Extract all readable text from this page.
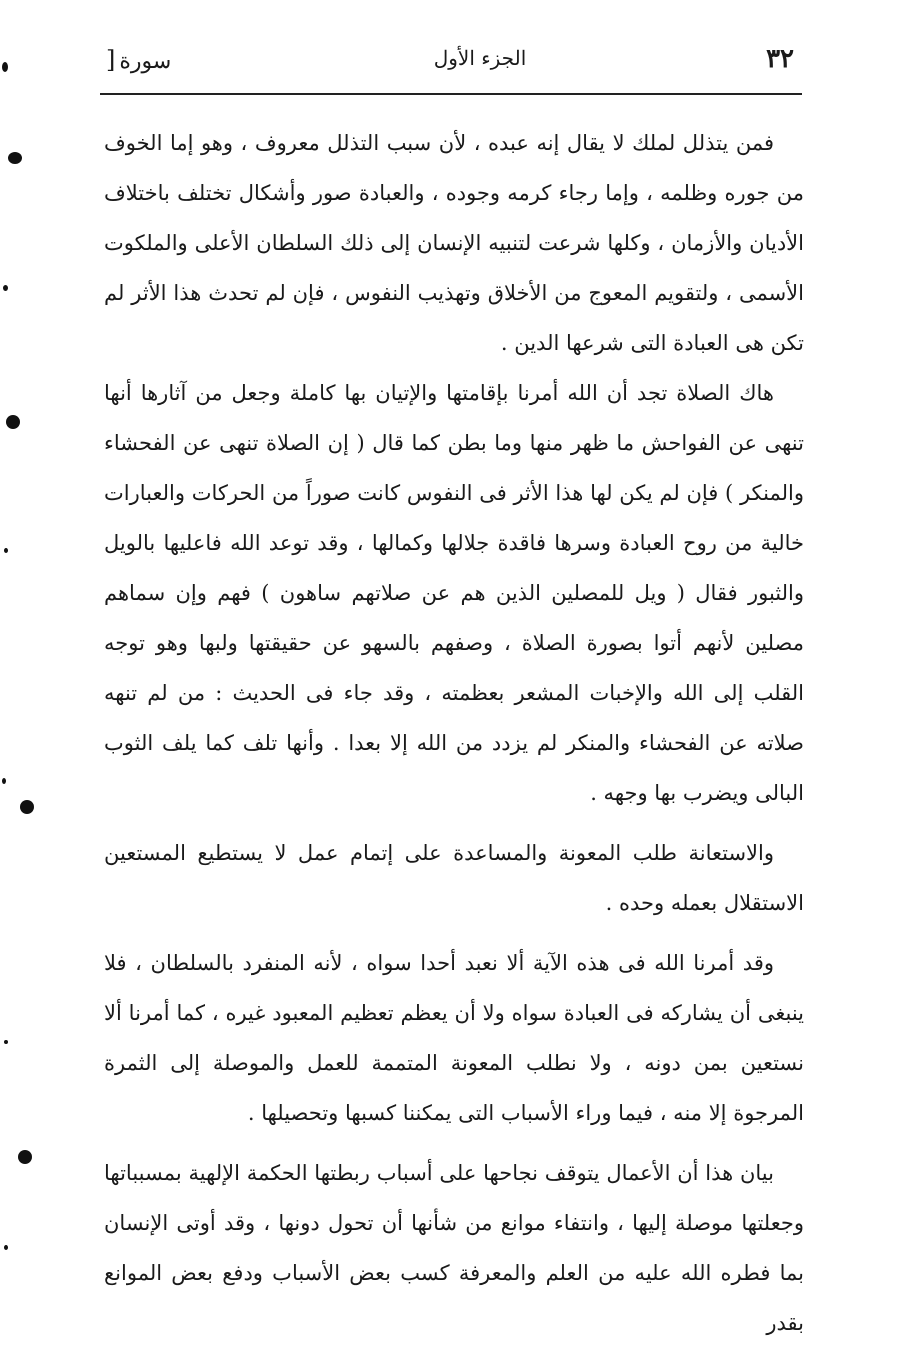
٣٢
الجزء الأول
سورة[

فمن يتذلل لملك لا يقال إنه عبده ، لأن سبب التذلل معروف ، وهو إما الخوف من جوره وظلمه ، وإما رجاء كرمه وجوده ، والعبادة صور وأشكال تختلف باختلاف الأديان والأزمان ، وكلها شرعت لتنبيه الإنسان إلى ذلك السلطان الأعلى والملكوت الأسمى ، ولتقويم المعوج من الأخلاق وتهذيب النفوس ، فإن لم تحدث هذا الأثر لم تكن هى العبادة التى شرعها الدين .

هاك الصلاة تجد أن الله أمرنا بإقامتها والإتيان بها كاملة وجعل من آثارها أنها تنهى عن الفواحش ما ظهر منها وما بطن كما قال ( إن الصلاة تنهى عن الفحشاء والمنكر ) فإن لم يكن لها هذا الأثر فى النفوس كانت صوراً من الحركات والعبارات خالية من روح العبادة وسرها فاقدة جلالها وكمالها ، وقد توعد الله فاعليها بالويل والثبور فقال ( ويل للمصلين الذين هم عن صلاتهم ساهون ) فهم وإن سماهم مصلين لأنهم أتوا بصورة الصلاة ، وصفهم بالسهو عن حقيقتها ولبها وهو توجه القلب إلى الله والإخبات المشعر بعظمته ، وقد جاء فى الحديث : من لم تنهه صلاته عن الفحشاء والمنكر لم يزدد من الله إلا بعدا . وأنها تلف كما يلف الثوب البالى ويضرب بها وجهه .

والاستعانة طلب المعونة والمساعدة على إتمام عمل لا يستطيع المستعين الاستقلال بعمله وحده .

وقد أمرنا الله فى هذه الآية ألا نعبد أحدا سواه ، لأنه المنفرد بالسلطان ، فلا ينبغى أن يشاركه فى العبادة سواه ولا أن يعظم تعظيم المعبود غيره ، كما أمرنا ألا نستعين بمن دونه ، ولا نطلب المعونة المتممة للعمل والموصلة إلى الثمرة المرجوة إلا منه ، فيما وراء الأسباب التى يمكننا كسبها وتحصيلها .

بيان هذا أن الأعمال يتوقف نجاحها على أسباب ربطتها الحكمة الإلهية بمسبباتها وجعلتها موصلة إليها ، وانتفاء موانع من شأنها أن تحول دونها ، وقد أوتى الإنسان بما فطره الله عليه من العلم والمعرفة كسب بعض الأسباب ودفع بعض الموانع بقدر
